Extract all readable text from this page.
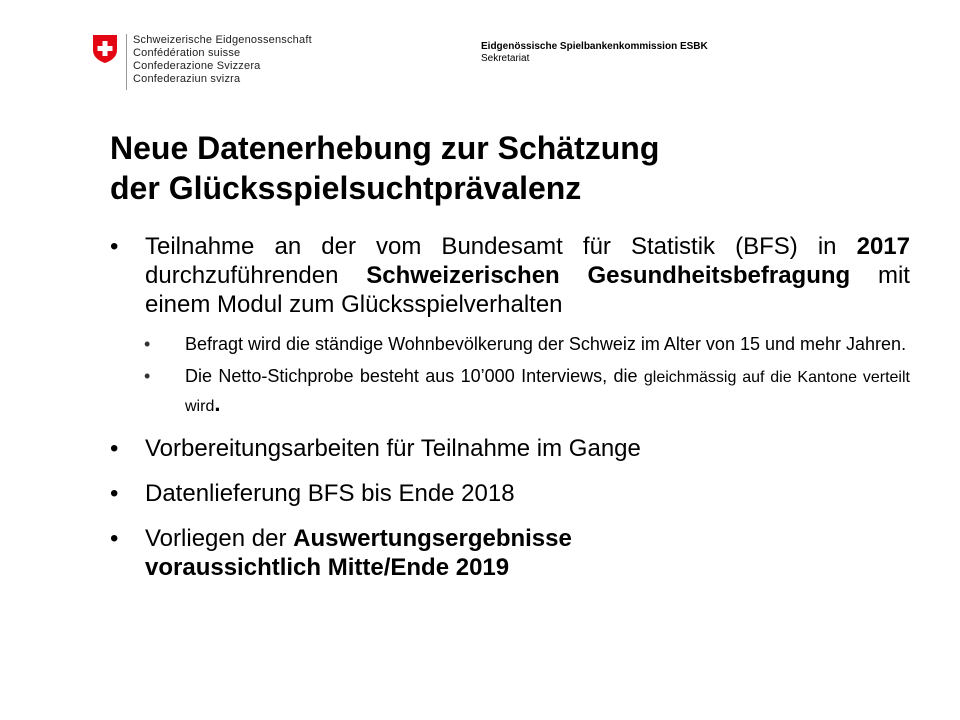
Schweizerische Eidgenossenschaft
Confédération suisse
Confederazione Svizzera
Confederaziun svizra
Eidgenössische Spielbankenkommission ESBK
Sekretariat
Neue Datenerhebung zur Schätzung
der Glücksspielsuchtprävalenz
• Teilnahme an der vom Bundesamt für Statistik (BFS) in 2017 durchzuführenden Schweizerischen Gesundheitsbefragung mit einem Modul zum Glücksspielverhalten
• Befragt wird die ständige Wohnbevölkerung der Schweiz im Alter von 15 und mehr Jahren.
• Die Netto-Stichprobe besteht aus 10’000 Interviews, die gleichmässig auf die Kantone verteilt wird.
• Vorbereitungsarbeiten für Teilnahme im Gange
• Datenlieferung BFS bis Ende 2018
• Vorliegen der Auswertungsergebnisse
voraussichtlich Mitte/Ende 2019
